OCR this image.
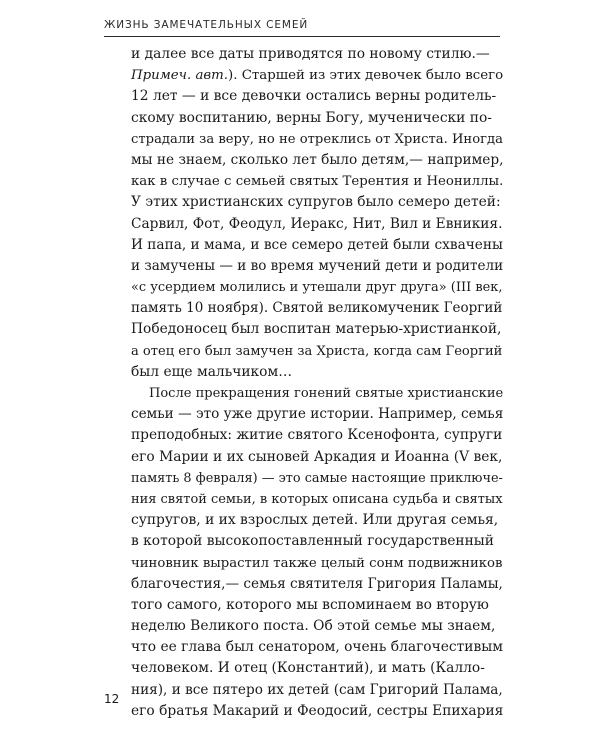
ЖИЗНЬ ЗАМЕЧАТЕЛЬНЫХ СЕМЕЙ
и далее все даты приводятся по новому стилю.—
Примеч. авт.). Старшей из этих девочек было всего
12 лет — и все девочки остались верны родитель-
скому воспитанию, верны Богу, мученически по-
страдали за веру, но не отреклись от Христа. Иногда
мы не знаем, сколько лет было детям,— например,
как в случае с семьей святых Терентия и Неониллы.
У этих христианских супругов было семеро детей:
Сарвил, Фот, Феодул, Иеракс, Нит, Вил и Евникия.
И папа, и мама, и все семеро детей были схвачены
и замучены — и во время мучений дети и родители
«с усердием молились и утешали друг друга» (III век,
память 10 ноября). Святой великомученик Георгий
Победоносец был воспитан матерью-христианкой,
а отец его был замучен за Христа, когда сам Георгий
был еще мальчиком…
После прекращения гонений святые христианские
семьи — это уже другие истории. Например, семья
преподобных: житие святого Ксенофонта, супруги
его Марии и их сыновей Аркадия и Иоанна (V век,
память 8 февраля) — это самые настоящие приключе-
ния святой семьи, в которых описана судьба и святых
супругов, и их взрослых детей. Или другая семья,
в которой высокопоставленный государственный
чиновник вырастил также целый сонм подвижников
благочестия,— семья святителя Григория Паламы,
того самого, которого мы вспоминаем во вторую
неделю Великого поста. Об этой семье мы знаем,
что ее глава был сенатором, очень благочестивым
человеком. И отец (Константий), и мать (Каллo-
ния), и все пятеро их детей (сам Григорий Палама,
его братья Макарий и Феодосий, сестры Епихария
12
